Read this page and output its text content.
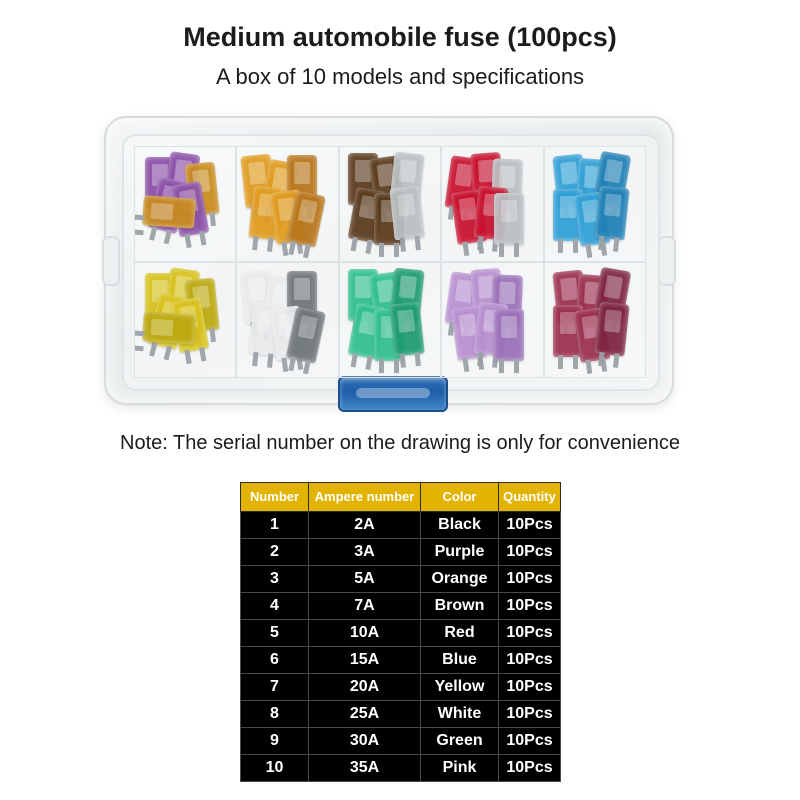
Medium automobile fuse (100pcs)
A box of 10 models and specifications
Note: The serial number on the drawing is only for convenience
Number	Ampere number	Color	Quantity
1	2A	Black	10Pcs
2	3A	Purple	10Pcs
3	5A	Orange	10Pcs
4	7A	Brown	10Pcs
5	10A	Red	10Pcs
6	15A	Blue	10Pcs
7	20A	Yellow	10Pcs
8	25A	White	10Pcs
9	30A	Green	10Pcs
10	35A	Pink	10Pcs
